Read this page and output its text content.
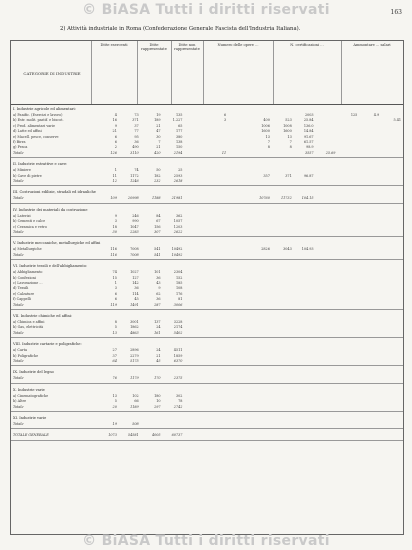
© BiASA Tutti i diritti riservati	163
2) Attività industriale in Roma (Confederazione Generale Fascista dell'Industria Italiana).
CATEGORIE DI INDUSTRIE
Ditte esercenti	Ditte rappresentate
Ditte non rappresentate
Numero delle opere ...	N. certificazioni ...	Ammontare ... salari
I. Industrie agricole ed alimentari:
a) Panific. (Esercizi e lavoro)	4	73	19	135	6	2003	125	4.9
b) Estr. molit. pastif. e biscot.	16	371	189	1.227	3	400	523	25.84	5.41
c) Prod. alimentari varie	9	37	21	65	1006	1008	136.0
d) Latte ed affini	21	77	47	177	1600	1600	14.84
e) Macell. pesce, conserve	6	95	30	380	13	13	91.67
f) Birra	6	36	7	138	7	7	61.57
g) Pesca	2	490	21	150	8	8	98.9
Totale	126	3110	420	2194	11	3557	25.69
II. Industrie estrattive e cave:
a) Miniere	1	74	50	25
b) Cave di pietre	11	1172	182	2593	357	371	96.87
Totale	12	1246	232	2618
III. Costruzioni edilizie, stradali ed idrauliche
Totale	109	20998	1188	21981	10760	11732	104.15
IV. Industrie dei materiali da costruzione
a) Laterizi	9	246	84	362
b) Cementi e calce	3	990	67	1057
c) Ceramica e vetro	18	1047	156	1203
Totale	30	2283	307	2622
V. Industrie meccaniche, metallurgiche ed affini
a) Metallurgiche	116	7008	541	10492	2826	3043	104.93
Totale	116	7008	541	10492
VI. Industrie tessili e dell'abbigliamento:
a) Abbigliamento	74	1027	101	2304
b) Confezioni	15	127	36	152
c) Lavorazione ...	1	142	43	185
d) Tessili	3	36	9	108
e) Calzature	6	114	62	176
f) Cappelli	6	45	36	81
Totale	119	1491	287	3006
VII. Industrie chimiche ed affini:
a) Chimica e affini	8	3001	137	3228
b) Gas, elettricità	5	1862	24	2174
Totale	13	4863	161	5402
VIII. Industrie cartarie e poligrafiche:
a) Carta	27	2896	24	4511
b) Poligrafiche	37	2279	21	1859
Totale	64	5175	45	6370
IX. Industrie del legno
Totale	76	1179	170	2375
X. Industrie varie
a) Cinematografiche	13	102	180	302
b) Altre	5	66	10	78
Totale	20	1189	297	2742
XI. Industrie varie
Totale	19	508
TOTALE GENERALE	1073	54581	4005	60737
© BiASA Tutti i diritti riservati
